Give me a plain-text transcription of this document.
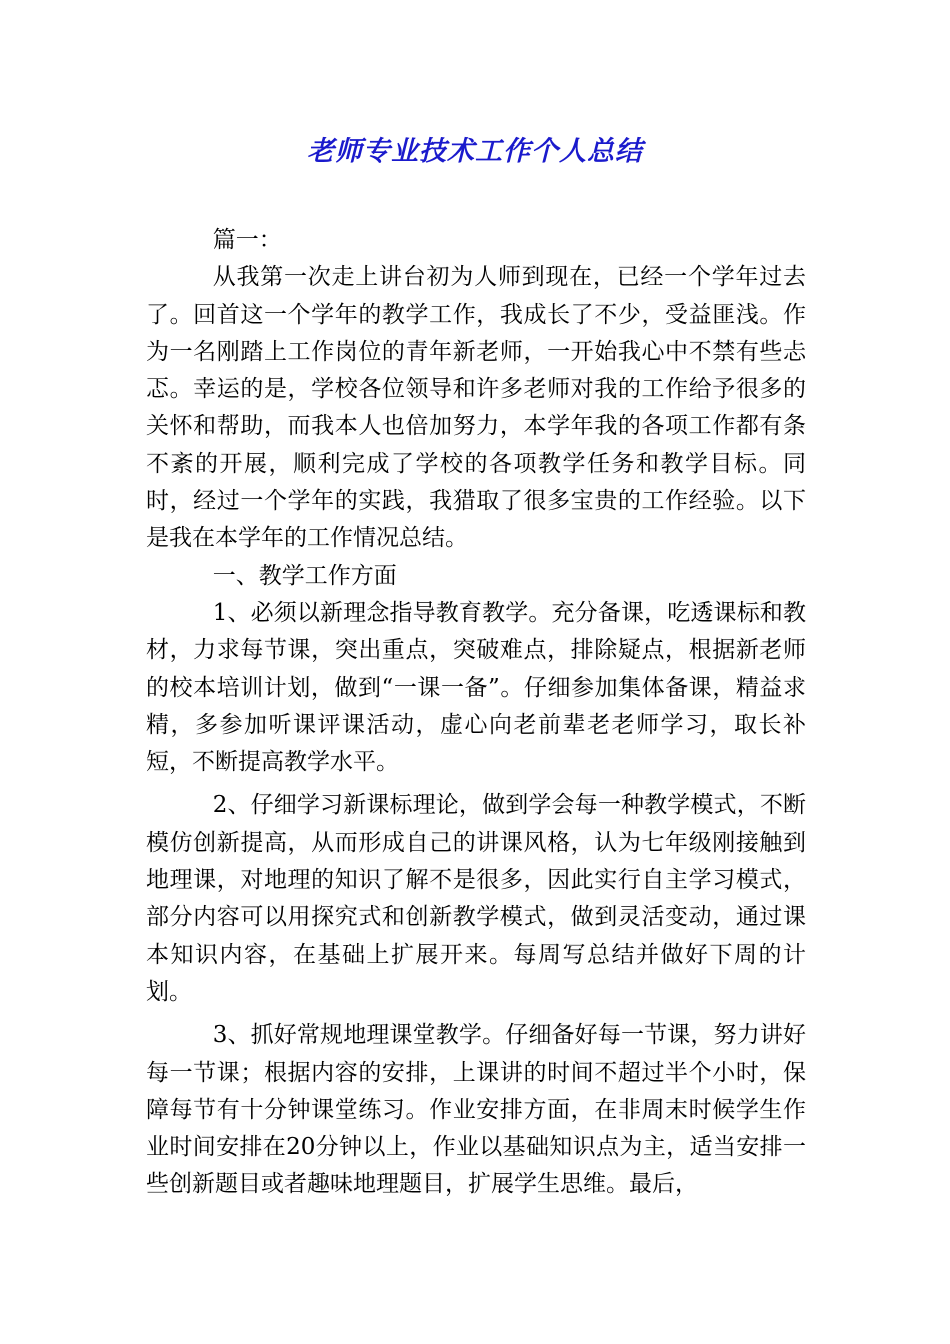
老师专业技术工作个人总结

篇一：

从我第一次走上讲台初为人师到现在，已经一个学年过去了。回首这一个学年的教学工作，我成长了不少，受益匪浅。作为一名刚踏上工作岗位的青年新老师，一开始我心中不禁有些忐忑。幸运的是，学校各位领导和许多老师对我的工作给予很多的关怀和帮助，而我本人也倍加努力，本学年我的各项工作都有条不紊的开展，顺利完成了学校的各项教学任务和教学目标。同时，经过一个学年的实践，我猎取了很多宝贵的工作经验。以下是我在本学年的工作情况总结。

一、教学工作方面

1、必须以新理念指导教育教学。充分备课，吃透课标和教材，力求每节课，突出重点，突破难点，排除疑点，根据新老师的校本培训计划，做到“一课一备”。仔细参加集体备课，精益求精，多参加听课评课活动，虚心向老前辈老老师学习，取长补短，不断提高教学水平。

2、仔细学习新课标理论，做到学会每一种教学模式，不断模仿创新提高，从而形成自己的讲课风格，认为七年级刚接触到地理课，对地理的知识了解不是很多，因此实行自主学习模式，部分内容可以用探究式和创新教学模式，做到灵活变动，通过课本知识内容，在基础上扩展开来。每周写总结并做好下周的计划。

3、抓好常规地理课堂教学。仔细备好每一节课，努力讲好每一节课；根据内容的安排，上课讲的时间不超过半个小时，保障每节有十分钟课堂练习。作业安排方面，在非周末时候学生作业时间安排在20分钟以上，作业以基础知识点为主，适当安排一些创新题目或者趣味地理题目，扩展学生思维。最后，
